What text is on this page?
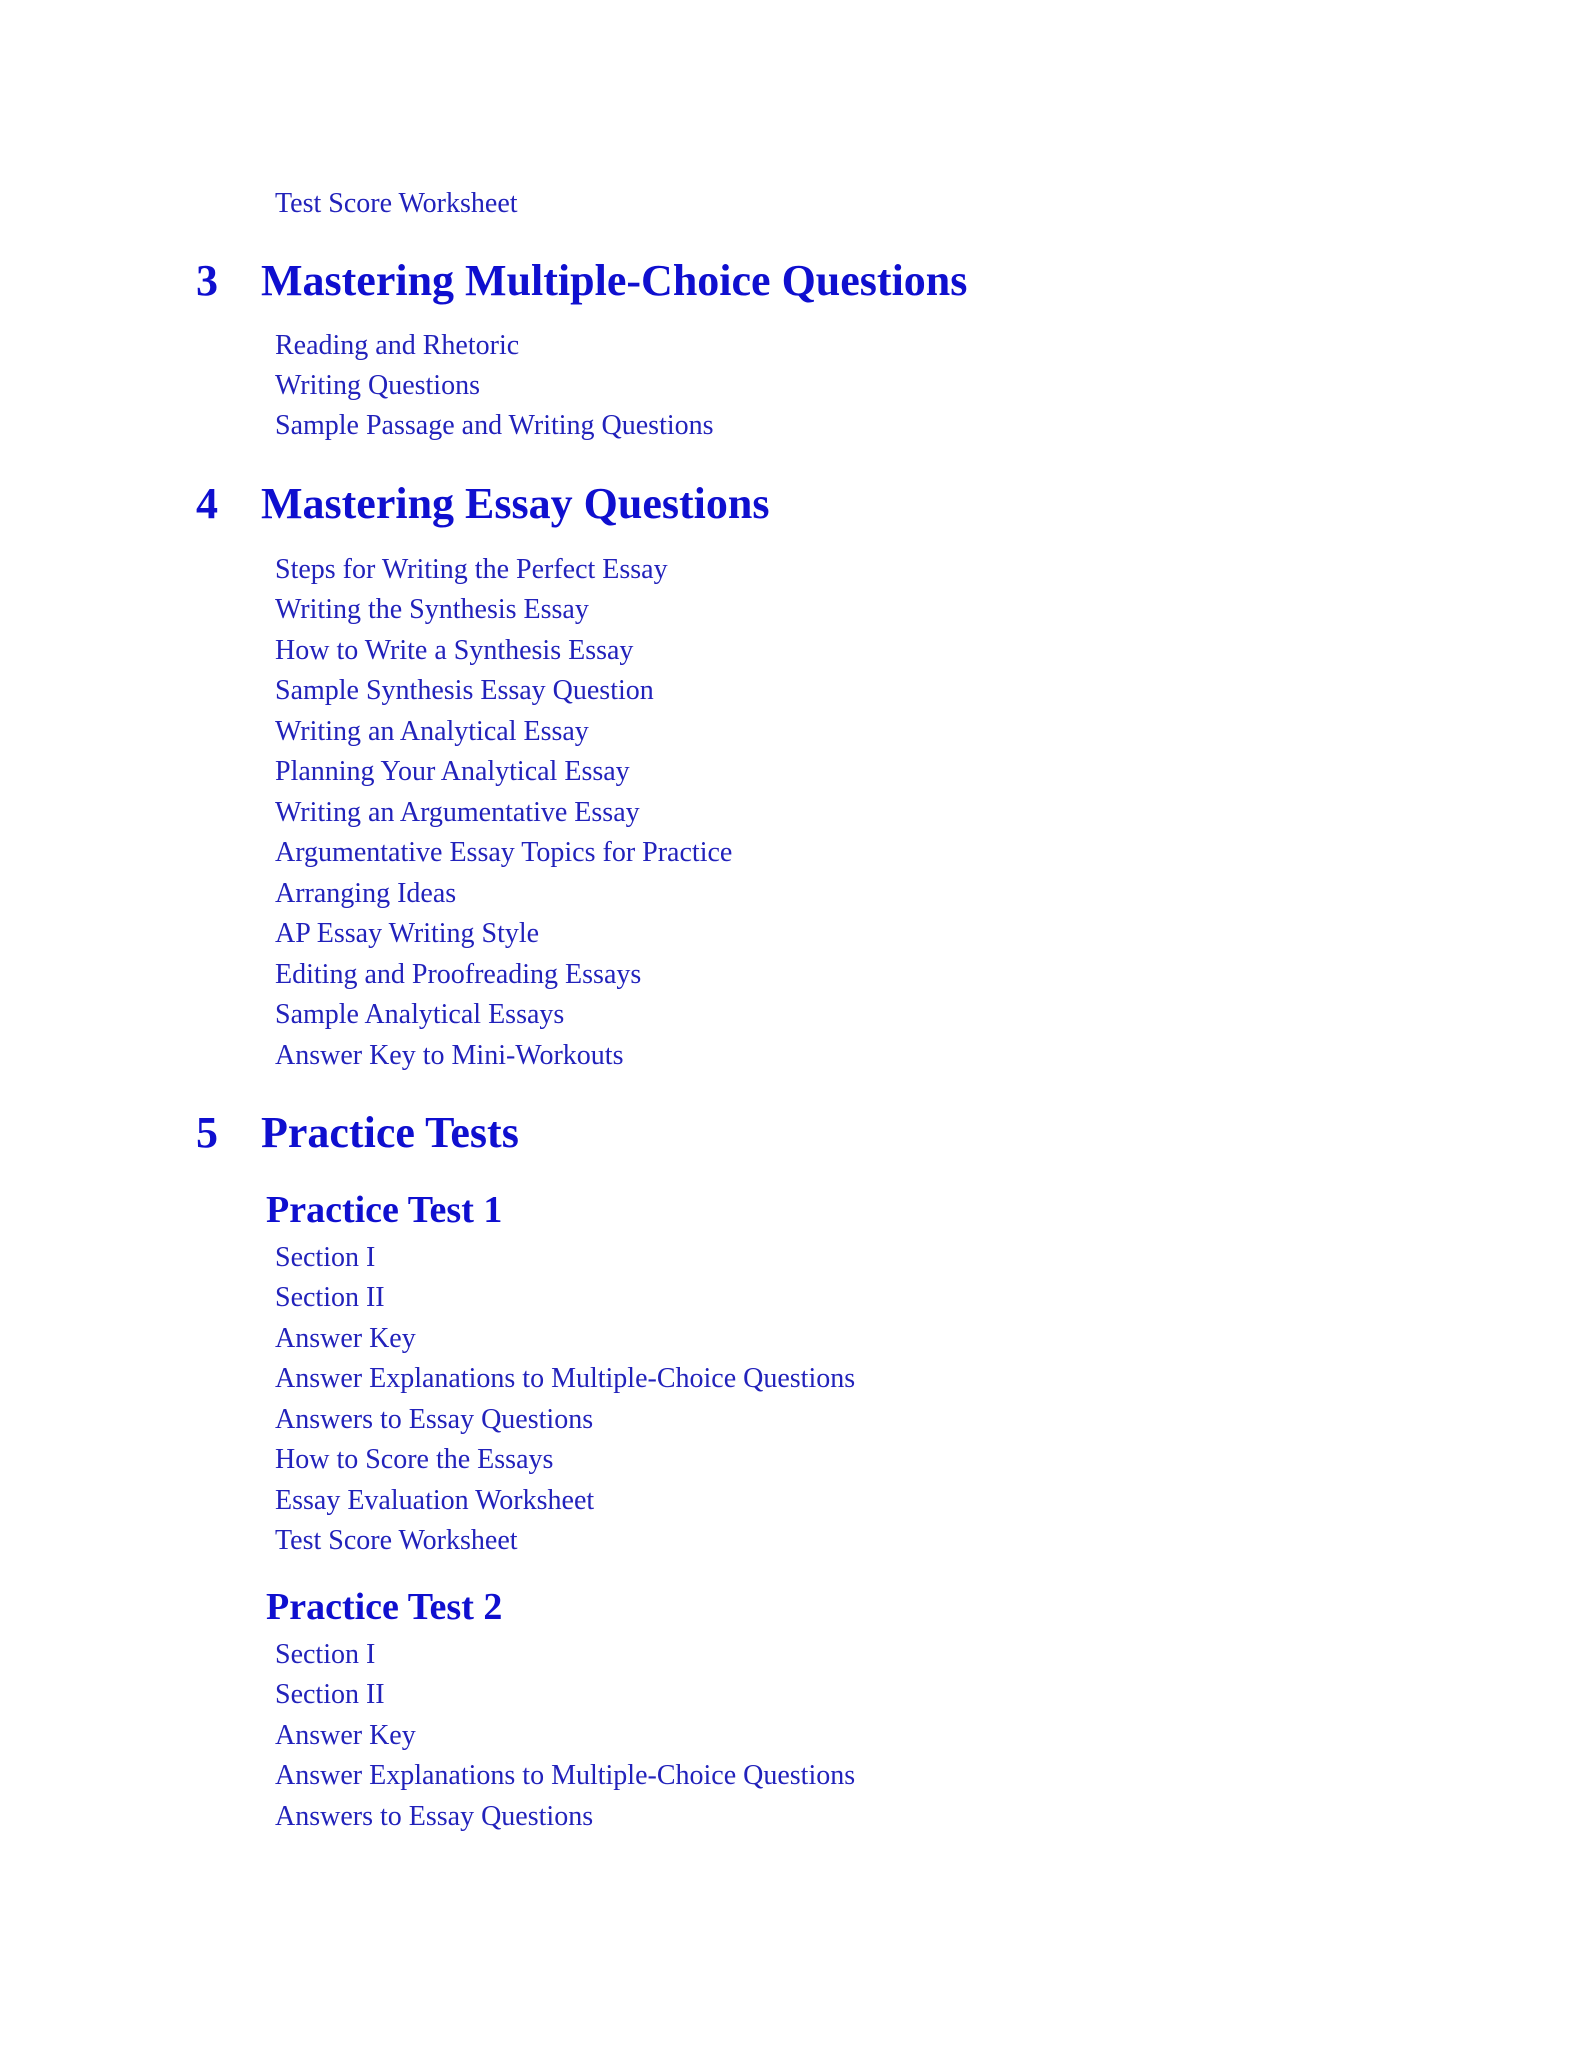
Test Score Worksheet
3 Mastering Multiple-Choice Questions
Reading and Rhetoric
Writing Questions
Sample Passage and Writing Questions
4 Mastering Essay Questions
Steps for Writing the Perfect Essay
Writing the Synthesis Essay
How to Write a Synthesis Essay
Sample Synthesis Essay Question
Writing an Analytical Essay
Planning Your Analytical Essay
Writing an Argumentative Essay
Argumentative Essay Topics for Practice
Arranging Ideas
AP Essay Writing Style
Editing and Proofreading Essays
Sample Analytical Essays
Answer Key to Mini-Workouts
5 Practice Tests
Practice Test 1
Section I
Section II
Answer Key
Answer Explanations to Multiple-Choice Questions
Answers to Essay Questions
How to Score the Essays
Essay Evaluation Worksheet
Test Score Worksheet
Practice Test 2
Section I
Section II
Answer Key
Answer Explanations to Multiple-Choice Questions
Answers to Essay Questions
